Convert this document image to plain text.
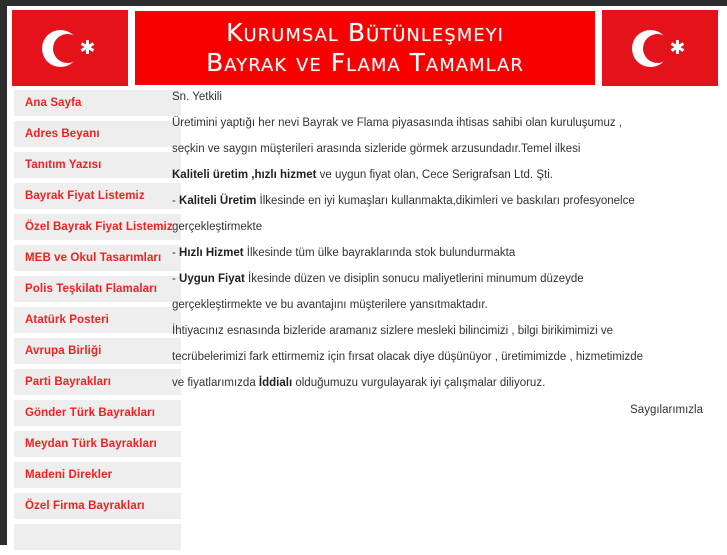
✱
Kurumsal Bütünleşmeyi
Bayrak ve Flama Tamamlar	✱
Ana Sayfa
Adres Beyanı
Tanıtım Yazısı
Bayrak Fiyat Listemiz
Özel Bayrak Fiyat Listemiz
MEB ve Okul Tasarımları
Polis Teşkilatı Flamaları
Atatürk Posteri
Avrupa Birliği
Parti Bayrakları
Gönder Türk Bayrakları
Meydan Türk Bayrakları
Madeni Direkler
Özel Firma Bayrakları

Sn. Yetkili

Üretimini yaptığı her nevi Bayrak ve Flama piyasasında ihtisas sahibi olan kuruluşumuz ,

seçkin ve saygın müşterileri arasında sizleride görmek arzusundadır.Temel ilkesi

Kaliteli üretim ,hızlı hizmet ve uygun fiyat olan, Cece Serigrafsan Ltd. Şti.

- Kaliteli Üretim İlkesinde en iyi kumaşları kullanmakta,dikimleri ve baskıları profesyonelce

gerçekleştirmekte

- Hızlı Hizmet İlkesinde tüm ülke bayraklarında stok bulundurmakta

- Uygun Fiyat İkesinde düzen ve disiplin sonucu maliyetlerini minumum düzeyde

gerçekleştirmekte ve bu avantajını müşterilere yansıtmaktadır.

İhtiyacınız esnasında bizleride aramanız sizlere mesleki bilincimizi , bilgi birikimimizi ve

tecrübelerimizi fark ettirmemiz için fırsat olacak diye düşünüyor , üretimimizde , hizmetimizde

ve fiyatlarımızda İddialı olduğumuzu vurgulayarak iyi çalışmalar diliyoruz.

Saygılarımızla
